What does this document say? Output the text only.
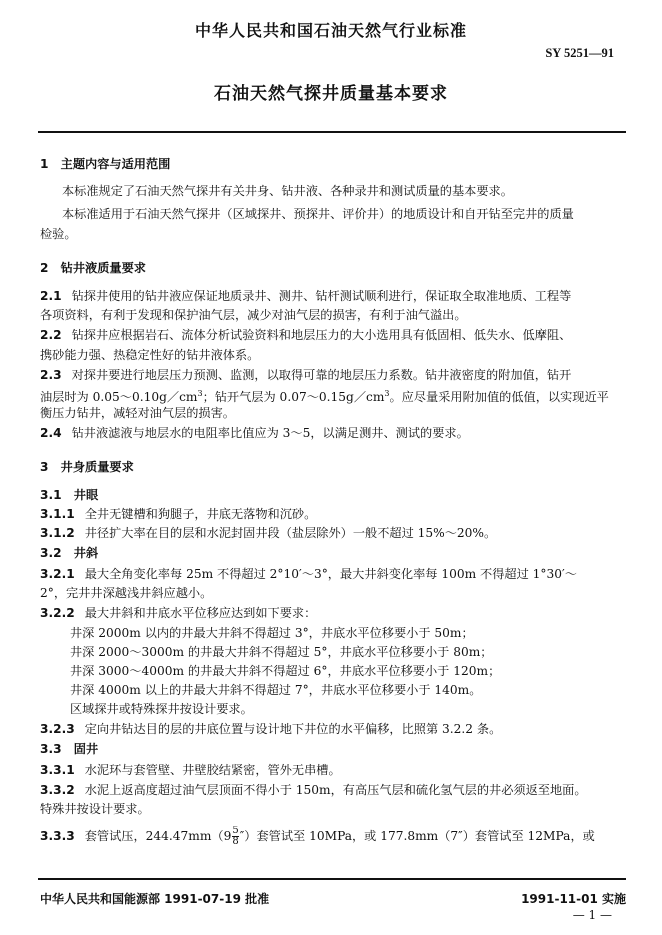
中华人民共和国石油天然气行业标准
SY 5251—91
石油天然气探井质量基本要求
1　主题内容与适用范围
本标准规定了石油天然气探井有关井身、钻井液、各种录井和测试质量的基本要求。
本标准适用于石油天然气探井（区域探井、预探井、评价井）的地质设计和自开钻至完井的质量
检验。
2　钻井液质量要求
2.1 钻探井使用的钻井液应保证地质录井、测井、钻杆测试顺利进行，保证取全取准地质、工程等
各项资料，有利于发现和保护油气层，减少对油气层的损害，有利于油气溢出。
2.2 钻探井应根据岩石、流体分析试验资料和地层压力的大小选用具有低固相、低失水、低摩阻、
携砂能力强、热稳定性好的钻井液体系。
2.3 对探井要进行地层压力预测、监测，以取得可靠的地层压力系数。钻井液密度的附加值，钻开
油层时为 $0.05\sim 0.10g/cm^3$；钻开气层为 $0.07\sim 0.15g/cm^3$。应尽量采用附加值的低值，以实现近平
衡压力钻井，减轻对油气层的损害。
2.4 钻井液滤液与地层水的电阻率比值应为 3～5，以满足测井、测试的要求。
3　井身质量要求
3.1　井眼
3.1.1 全井无键槽和狗腿子，井底无落物和沉砂。
3.1.2 井径扩大率在目的层和水泥封固井段（盐层除外）一般不超过 15%～20%。
3.2　井斜
3.2.1 最大全角变化率每 25m 不得超过 2°10′～3°，最大井斜变化率每 100m 不得超过 1°30′～
2°，完井井深越浅井斜应越小。
3.2.2 最大井斜和井底水平位移应达到如下要求：
井深 2000m 以内的井最大井斜不得超过 3°，井底水平位移要小于 50m；
井深 2000～3000m 的井最大井斜不得超过 5°，井底水平位移要小于 80m；
井深 3000～4000m 的井最大井斜不得超过 6°，井底水平位移要小于 120m；
井深 4000m 以上的井最大井斜不得超过 7°，井底水平位移要小于 140m。
区域探井或特殊探井按设计要求。
3.2.3 定向井钻达目的层的井底位置与设计地下井位的水平偏移，比照第 3.2.2 条。
3.3　固井
3.3.1 水泥环与套管壁、井壁胶结紧密，管外无串槽。
3.3.2 水泥上返高度超过油气层顶面不得小于 150m，有高压气层和硫化氢气层的井必须返至地面。
特殊井按设计要求。
3.3.3 套管试压，$244.47mm(9 \frac{5}{8}$ ″）套管试至 10MPa，或 177.8mm（7″）套管试至 12MPa，或
中华人民共和国能源部 1991-07-19 批准	1991-11-01 实施
— 1 —
